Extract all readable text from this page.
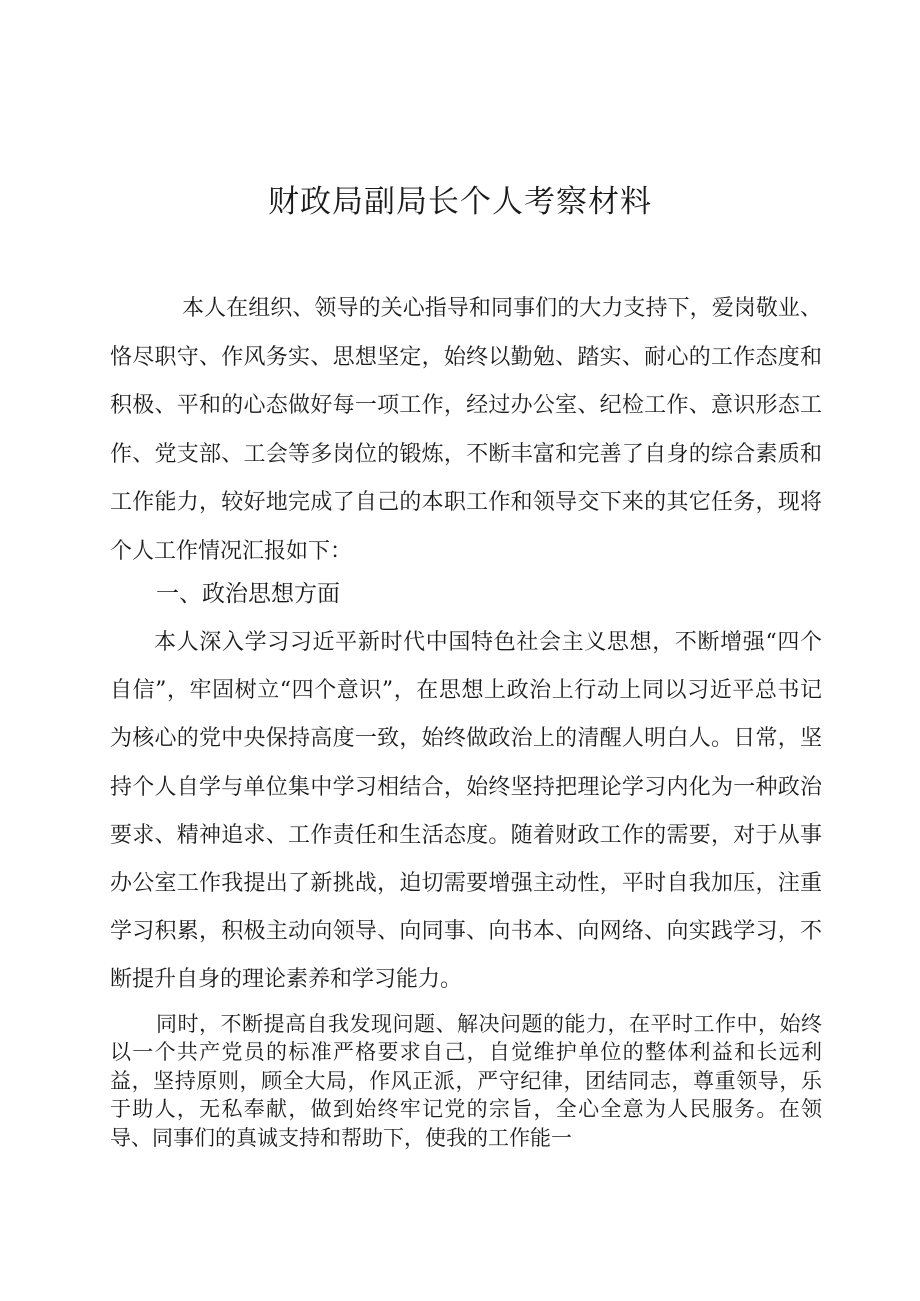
财政局副局长个人考察材料

本人在组织、领导的关心指导和同事们的大力支持下，爱岗敬业、恪尽职守、作风务实、思想坚定，始终以勤勉、踏实、耐心的工作态度和积极、平和的心态做好每一项工作，经过办公室、纪检工作、意识形态工作、党支部、工会等多岗位的锻炼，不断丰富和完善了自身的综合素质和工作能力，较好地完成了自己的本职工作和领导交下来的其它任务，现将个人工作情况汇报如下：

一、政治思想方面

本人深入学习习近平新时代中国特色社会主义思想，不断增强“四个自信”，牢固树立“四个意识”，在思想上政治上行动上同以习近平总书记为核心的党中央保持高度一致，始终做政治上的清醒人明白人。日常，坚持个人自学与单位集中学习相结合，始终坚持把理论学习内化为一种政治要求、精神追求、工作责任和生活态度。随着财政工作的需要，对于从事办公室工作我提出了新挑战，迫切需要增强主动性，平时自我加压，注重学习积累，积极主动向领导、向同事、向书本、向网络、向实践学习，不断提升自身的理论素养和学习能力。

同时，不断提高自我发现问题、解决问题的能力，在平时工作中，始终以一个共产党员的标准严格要求自己，自觉维护单位的整体利益和长远利益，坚持原则，顾全大局，作风正派，严守纪律，团结同志，尊重领导，乐于助人，无私奉献，做到始终牢记党的宗旨，全心全意为人民服务。在领导、同事们的真诚支持和帮助下，使我的工作能一
